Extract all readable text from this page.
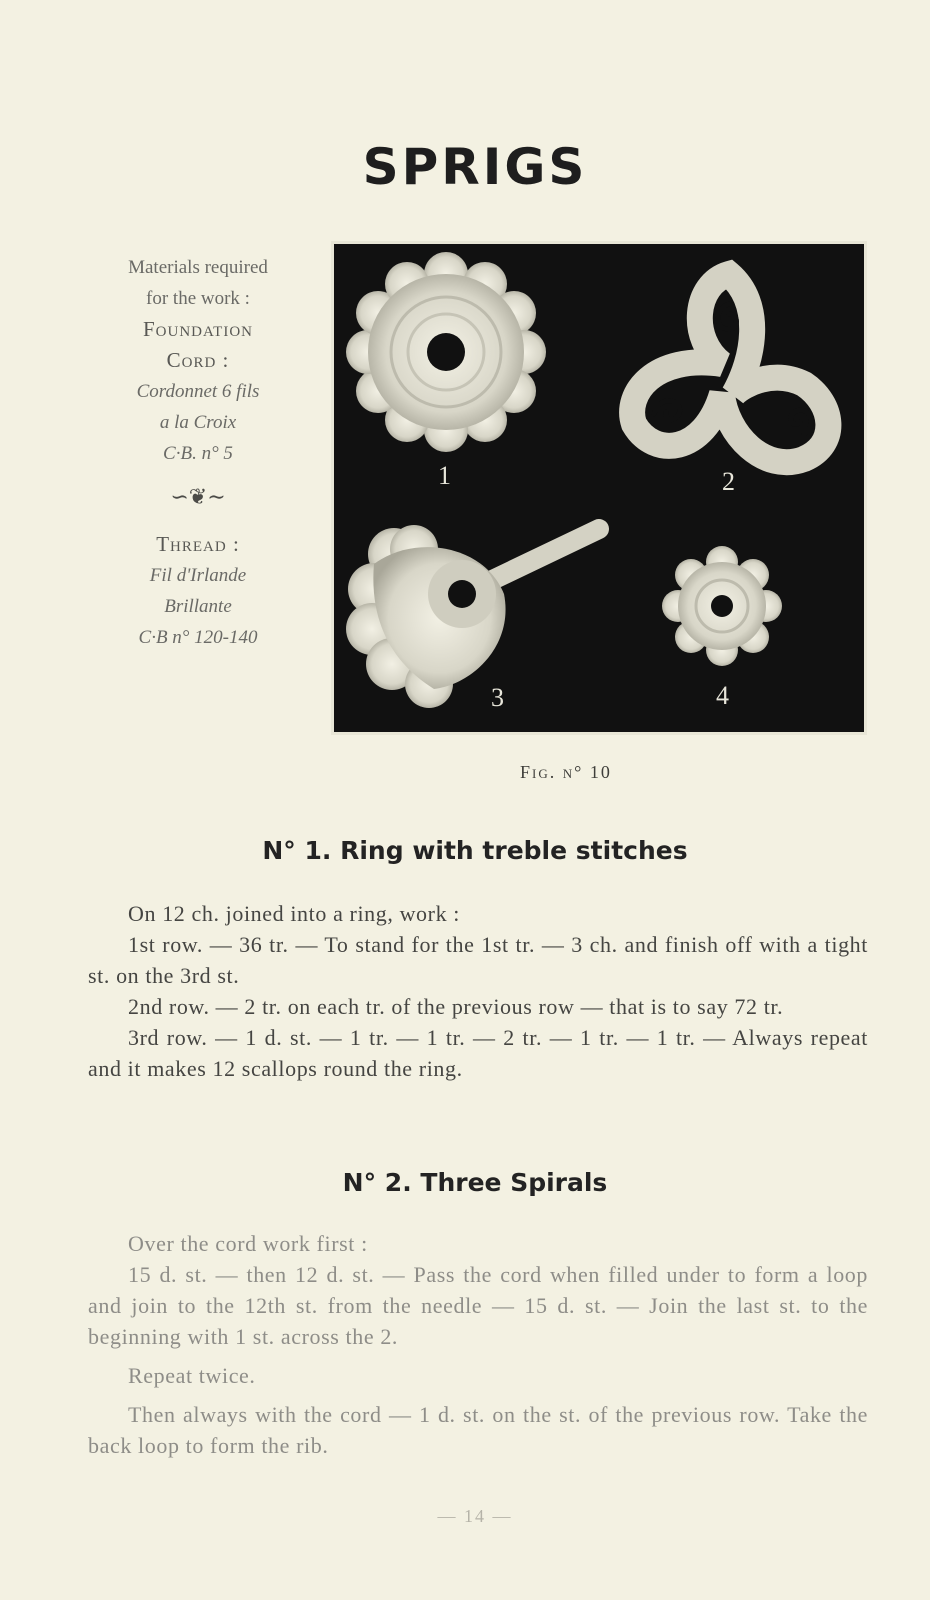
SPRIGS
Materials required
for the work :
Foundation
Cord :
Cordonnet 6 fils
a la Croix
C·B. n° 5
∽❦∼
Thread :
Fil d'Irlande
Brillante
C·B n° 120-140
1	2
3	4
Fig. n° 10
N° 1. Ring with treble stitches

On 12 ch. joined into a ring, work :

1st row. — 36 tr. — To stand for the 1st tr. — 3 ch. and finish off with a tight st. on the 3rd st.

2nd row. — 2 tr. on each tr. of the previous row — that is to say 72 tr.

3rd row. — 1 d. st. — 1 tr. — 1 tr. — 2 tr. — 1 tr. — 1 tr. — Always repeat and it makes 12 scallops round the ring.

N° 2. Three Spirals

Over the cord work first :

15 d. st. — then 12 d. st. — Pass the cord when filled under to form a loop and join to the 12th st. from the needle — 15 d. st. — Join the last st. to the beginning with 1 st. across the 2.

Repeat twice.

Then always with the cord — 1 d. st. on the st. of the previous row. Take the back loop to form the rib.

— 14 —
